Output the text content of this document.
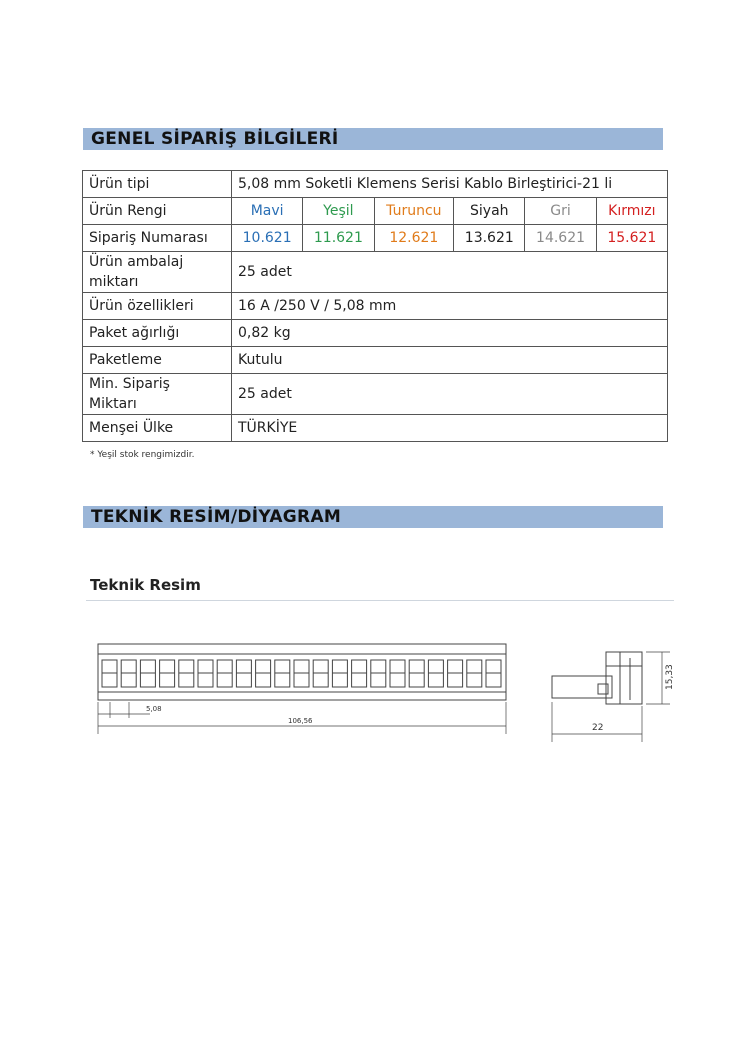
GENEL SİPARİŞ BİLGİLERİ
Ürün tipi	5,08 mm Soketli Klemens Serisi Kablo Birleştirici-21 li					
Ürün Rengi	Mavi	Yeşil	Turuncu	Siyah	Gri	Kırmızı
Sipariş Numarası	10.621	11.621	12.621	13.621	14.621	15.621
Ürün ambalaj
miktarı	25 adet					
Ürün özellikleri	16 A /250 V / 5,08 mm					
Paket ağırlığı	0,82 kg					
Paketleme	Kutulu					
Min. Sipariş
Miktarı	25 adet					
Menşei Ülke	TÜRKİYE					
* Yeşil stok rengimizdir.
TEKNİK RESİM/DİYAGRAM
Teknik Resim
5,08
106,56
22
15,33
